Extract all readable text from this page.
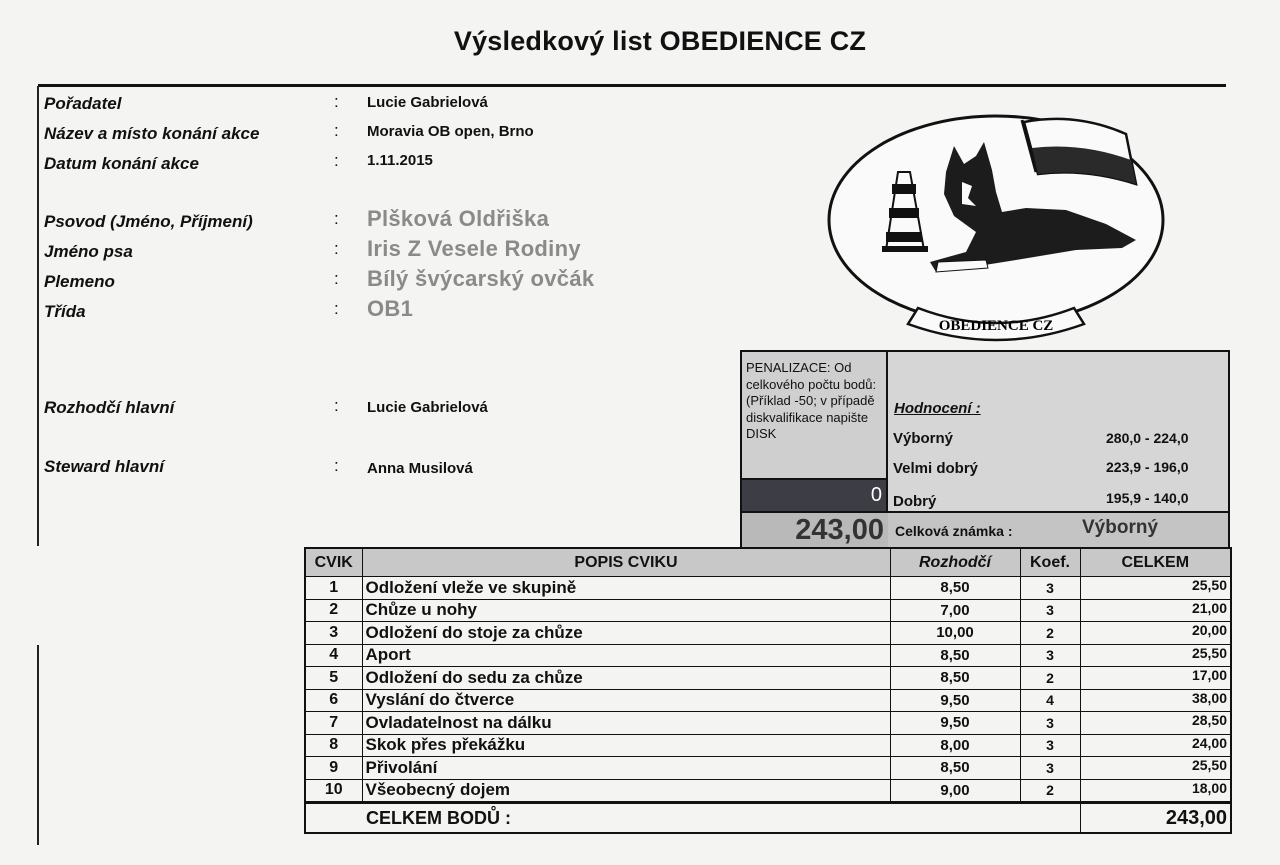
Výsledkový list OBEDIENCE CZ
Pořadatel	: Lucie Gabrielová
Název a místo konání akce	: Moravia OB open, Brno
Datum konání akce	: 1.11.2015
Psovod (Jméno, Příjmení)	: Plšková Oldřiška
Jméno psa	: Iris Z Vesele Rodiny
Plemeno	: Bílý švýcarský ovčák
Třída	: OB1
Rozhodčí hlavní	: Lucie Gabrielová
Steward hlavní	: Anna Musilová
OBEDIENCE CZ
PENALIZACE: Od celkového počtu bodů: (Příklad -50; v případě diskvalifikace napište DISK
0
243,00
Hodnocení :
Výborný	280,0 - 224,0
Velmi dobrý	223,9 - 196,0
Dobrý	195,9 - 140,0
Celková známka :	Výborný
CVIK	POPIS CVIKU	Rozhodčí	Koef.	CELKEM
1	Odložení vleže ve skupině	8,50	3	25,50
2	Chůze u nohy	7,00	3	21,00
3	Odložení do stoje za chůze	10,00	2	20,00
4	Aport	8,50	3	25,50
5	Odložení do sedu za chůze	8,50	2	17,00
6	Vyslání do čtverce	9,50	4	38,00
7	Ovladatelnost na dálku	9,50	3	28,50
8	Skok přes překážku	8,00	3	24,00
9	Přivolání	8,50	3	25,50
10	Všeobecný dojem	9,00	2	18,00
CELKEM BODŮ :				243,00
